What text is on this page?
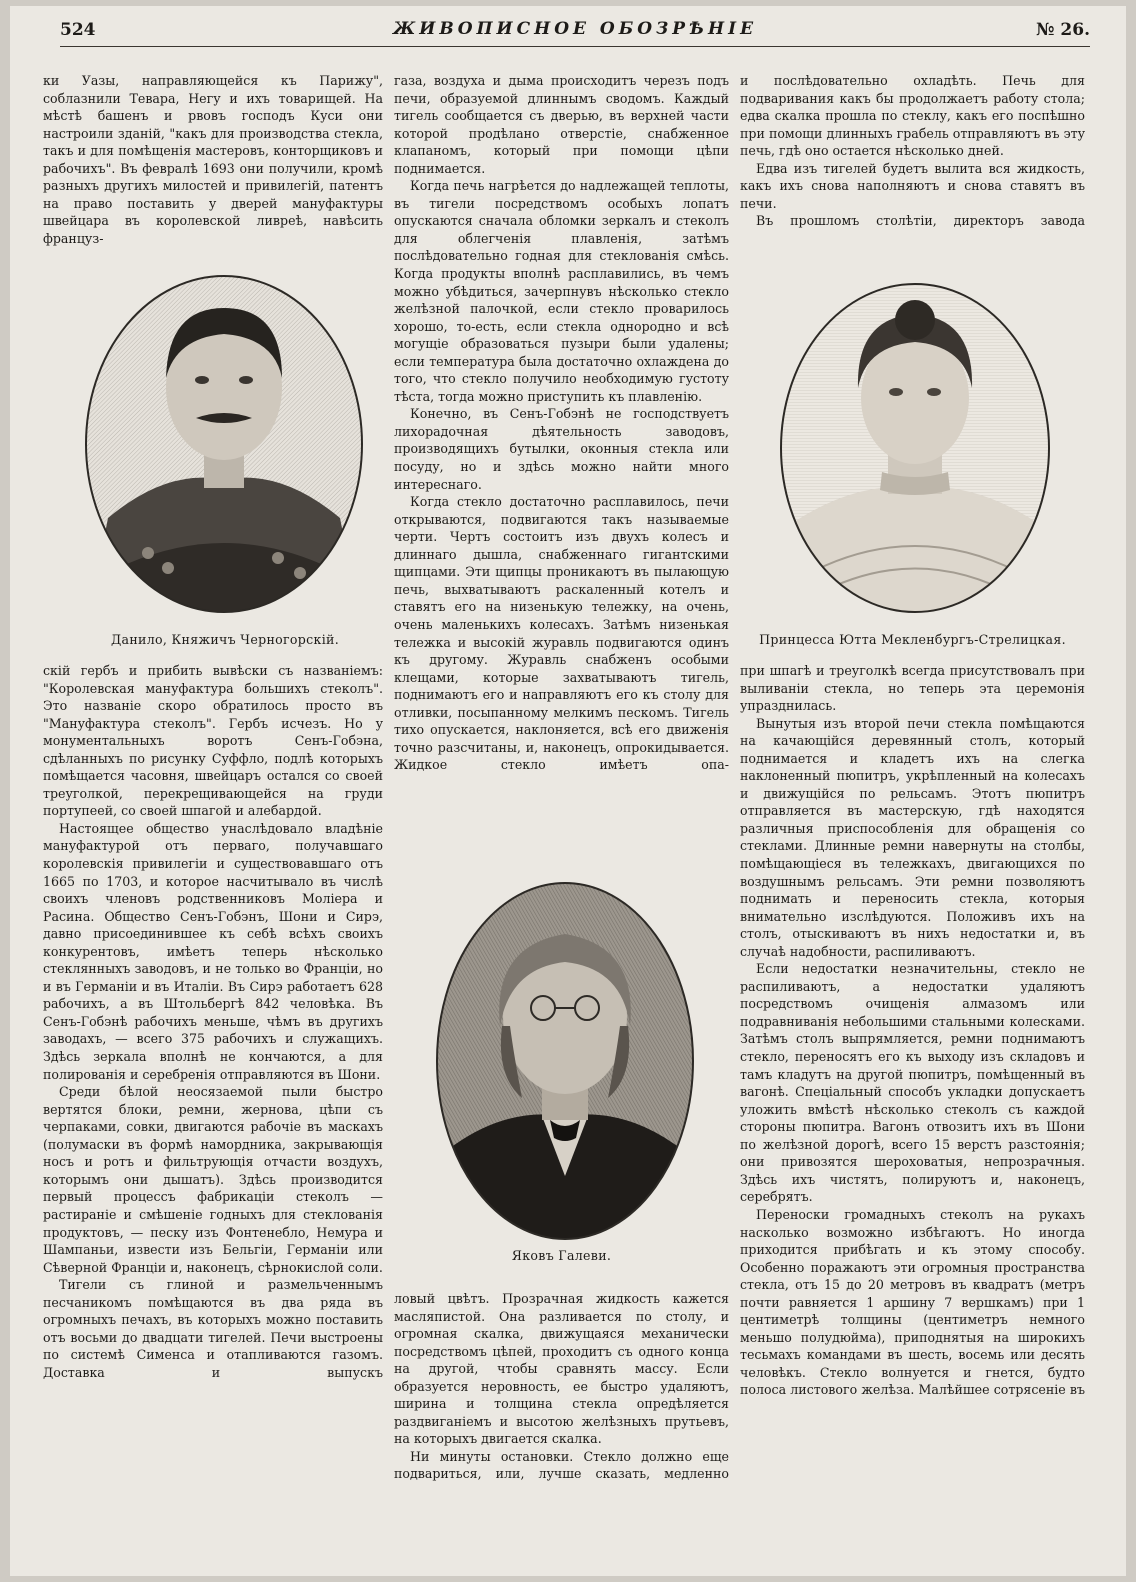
524	ЖИВОПИСНОЕ ОБОЗРѢНІЕ	№ 26.

ки Уазы, направляющейся къ Парижу", соблазнили Тевара, Негу и ихъ товарищей. На мѣстѣ башенъ и рвовъ господъ Куси они настроили зданій, "какъ для производства стекла, такъ и для помѣщенія мастеровъ, конторщиковъ и рабочихъ". Въ февралѣ 1693 они получили, кромѣ разныхъ другихъ милостей и привилегій, патентъ на право поставить у дверей мануфактуры швейцара въ королевской ливреѣ, навѣсить француз-

Данило, Княжичъ Черногорскій.

скій гербъ и прибить вывѣски съ названіемъ: "Королевская мануфактура большихъ стеколъ". Это названіе скоро обратилось просто въ "Мануфактура стеколъ". Гербъ исчезъ. Но у монументальныхъ воротъ Сенъ-Гобэна, сдѣланныхъ по рисунку Суффло, подлѣ которыхъ помѣщается часовня, швейцаръ остался со своей треуголкой, перекрещивающейся на груди портупеей, со своей шпагой и алебардой.

Настоящее общество унаслѣдовало владѣніе мануфактурой отъ перваго, получавшаго королевскія привилегіи и существовавшаго отъ 1665 по 1703, и которое насчитывало въ числѣ своихъ членовъ родственниковъ Моліера и Расина. Общество Сенъ-Гобэнъ, Шони и Сирэ, давно присоединившее къ себѣ всѣхъ своихъ конкурентовъ, имѣетъ теперь нѣсколько стеклянныхъ заводовъ, и не только во Франціи, но и въ Германіи и въ Италіи. Въ Сирэ работаетъ 628 рабочихъ, а въ Штольбергѣ 842 человѣка. Въ Сенъ-Гобэнѣ рабочихъ меньше, чѣмъ въ другихъ заводахъ, — всего 375 рабочихъ и служащихъ. Здѣсь зеркала вполнѣ не кончаются, а для полированія и серебренія отправляются въ Шони.

Среди бѣлой неосязаемой пыли быстро вертятся блоки, ремни, жернова, цѣпи съ черпаками, совки, двигаются рабочіе въ маскахъ (полумаски въ формѣ намордника, закрывающія носъ и ротъ и фильтрующія отчасти воздухъ, которымъ они дышатъ). Здѣсь производится первый процессъ фабрикаціи стеколъ — растираніе и смѣшеніе годныхъ для стеклованія продуктовъ, — песку изъ Фонтенебло, Немура и Шампаньи, извести изъ Бельгіи, Германіи или Сѣверной Франціи и, наконецъ, сѣрнокислой соли.

Тигели съ глиной и размельченнымъ песчаникомъ помѣщаются въ два ряда въ огромныхъ печахъ, въ которыхъ можно поставить отъ восьми до двадцати тигелей. Печи выстроены по системѣ Сименса и отапливаются газомъ. Доставка и выпускъ

газа, воздуха и дыма происходитъ черезъ подъ печи, образуемой длиннымъ сводомъ. Каждый тигель сообщается съ дверью, въ верхней части которой продѣлано отверстіе, снабженное клапаномъ, который при помощи цѣпи поднимается.

Когда печь нагрѣется до надлежащей теплоты, въ тигели посредствомъ особыхъ лопатъ опускаются сначала обломки зеркалъ и стеколъ для облегченія плавленія, затѣмъ послѣдовательно годная для стеклованія смѣсь. Когда продукты вполнѣ расплавились, въ чемъ можно убѣдиться, зачерпнувъ нѣсколько стекло желѣзной палочкой, если стекло проварилось хорошо, то-есть, если стекла однородно и всѣ могущіе образоваться пузыри были удалены; если температура была достаточно охлаждена до того, что стекло получило необходимую густоту тѣста, тогда можно приступить къ плавленію.

Конечно, въ Сенъ-Гобэнѣ не господствуетъ лихорадочная дѣятельность заводовъ, производящихъ бутылки, оконныя стекла или посуду, но и здѣсь можно найти много интереснаго.

Когда стекло достаточно расплавилось, печи открываются, подвигаются такъ называемые черти. Чертъ состоитъ изъ двухъ колесъ и длиннаго дышла, снабженнаго гигантскими щипцами. Эти щипцы проникаютъ въ пылающую печь, выхватываютъ раскаленный котелъ и ставятъ его на низенькую тележку, на очень, очень маленькихъ колесахъ. Затѣмъ низенькая тележка и высокій журавль подвигаются одинъ къ другому. Журавль снабженъ особыми клещами, которые захватываютъ тигель, поднимаютъ его и направляютъ его къ столу для отливки, посыпанному мелкимъ пескомъ. Тигель тихо опускается, наклоняется, всѣ его движенія точно разсчитаны, и, наконецъ, опрокидывается. Жидкое стекло имѣетъ опа-

Яковъ Галеви.

ловый цвѣтъ. Прозрачная жидкость кажется масляпистой. Она разливается по столу, и огромная скалка, движущаяся механически посредствомъ цѣпей, проходитъ съ одного конца на другой, чтобы сравнять массу. Если образуется неровность, ее быстро удаляютъ, ширина и толщина стекла опредѣляется раздвиганіемъ и высотою желѣзныхъ прутьевъ, на которыхъ двигается скалка.

Ни минуты остановки. Стекло должно еще подвариться, или, лучше сказать, медленно

и послѣдовательно охладѣть. Печь для подваривания какъ бы продолжаетъ работу стола; едва скалка прошла по стеклу, какъ его поспѣшно при помощи длинныхъ грабель отправляютъ въ эту печь, гдѣ оно остается нѣсколько дней.

Едва изъ тигелей будетъ вылита вся жидкость, какъ ихъ снова наполняютъ и снова ставятъ въ печи.

Въ прошломъ столѣтіи, директоръ завода

Принцесса Ютта Мекленбургъ-Стрелицкая.

при шпагѣ и треуголкѣ всегда присутствовалъ при выливаніи стекла, но теперь эта церемонія упразднилась.

Вынутыя изъ второй печи стекла помѣщаются на качающійся деревянный столъ, который поднимается и кладетъ ихъ на слегка наклоненный пюпитръ, укрѣпленный на колесахъ и движущійся по рельсамъ. Этотъ пюпитръ отправляется въ мастерскую, гдѣ находятся различныя приспособленія для обращенія со стеклами. Длинные ремни навернуты на столбы, помѣщающіеся въ тележкахъ, двигающихся по воздушнымъ рельсамъ. Эти ремни позволяютъ поднимать и переносить стекла, которыя внимательно изслѣдуются. Положивъ ихъ на столъ, отыскиваютъ въ нихъ недостатки и, въ случаѣ надобности, распиливаютъ.

Если недостатки незначительны, стекло не распиливаютъ, а недостатки удаляютъ посредствомъ очищенія алмазомъ или подравниванія небольшими стальными колесками. Затѣмъ столъ выпрямляется, ремни поднимаютъ стекло, переносятъ его къ выходу изъ складовъ и тамъ кладутъ на другой пюпитръ, помѣщенный въ вагонѣ. Спеціальный способъ укладки допускаетъ уложить вмѣстѣ нѣсколько стеколъ съ каждой стороны пюпитра. Вагонъ отвозитъ ихъ въ Шони по желѣзной дорогѣ, всего 15 верстъ разстоянія; они привозятся шероховатыя, непрозрачныя. Здѣсь ихъ чистятъ, полируютъ и, наконецъ, серебрятъ.

Переноски громадныхъ стеколъ на рукахъ насколько возможно избѣгаютъ. Но иногда приходится прибѣгать и къ этому способу. Особенно поражаютъ эти огромныя пространства стекла, отъ 15 до 20 метровъ въ квадратъ (метръ почти равняется 1 аршину 7 вершкамъ) при 1 центиметрѣ толщины (центиметръ немного меньшо полудюйма), приподнятыя на широкихъ тесьмахъ командами въ шесть, восемь или десять человѣкъ. Стекло волнуется и гнется, будто полоса листового желѣза. Малѣйшее сотрясеніе въ
